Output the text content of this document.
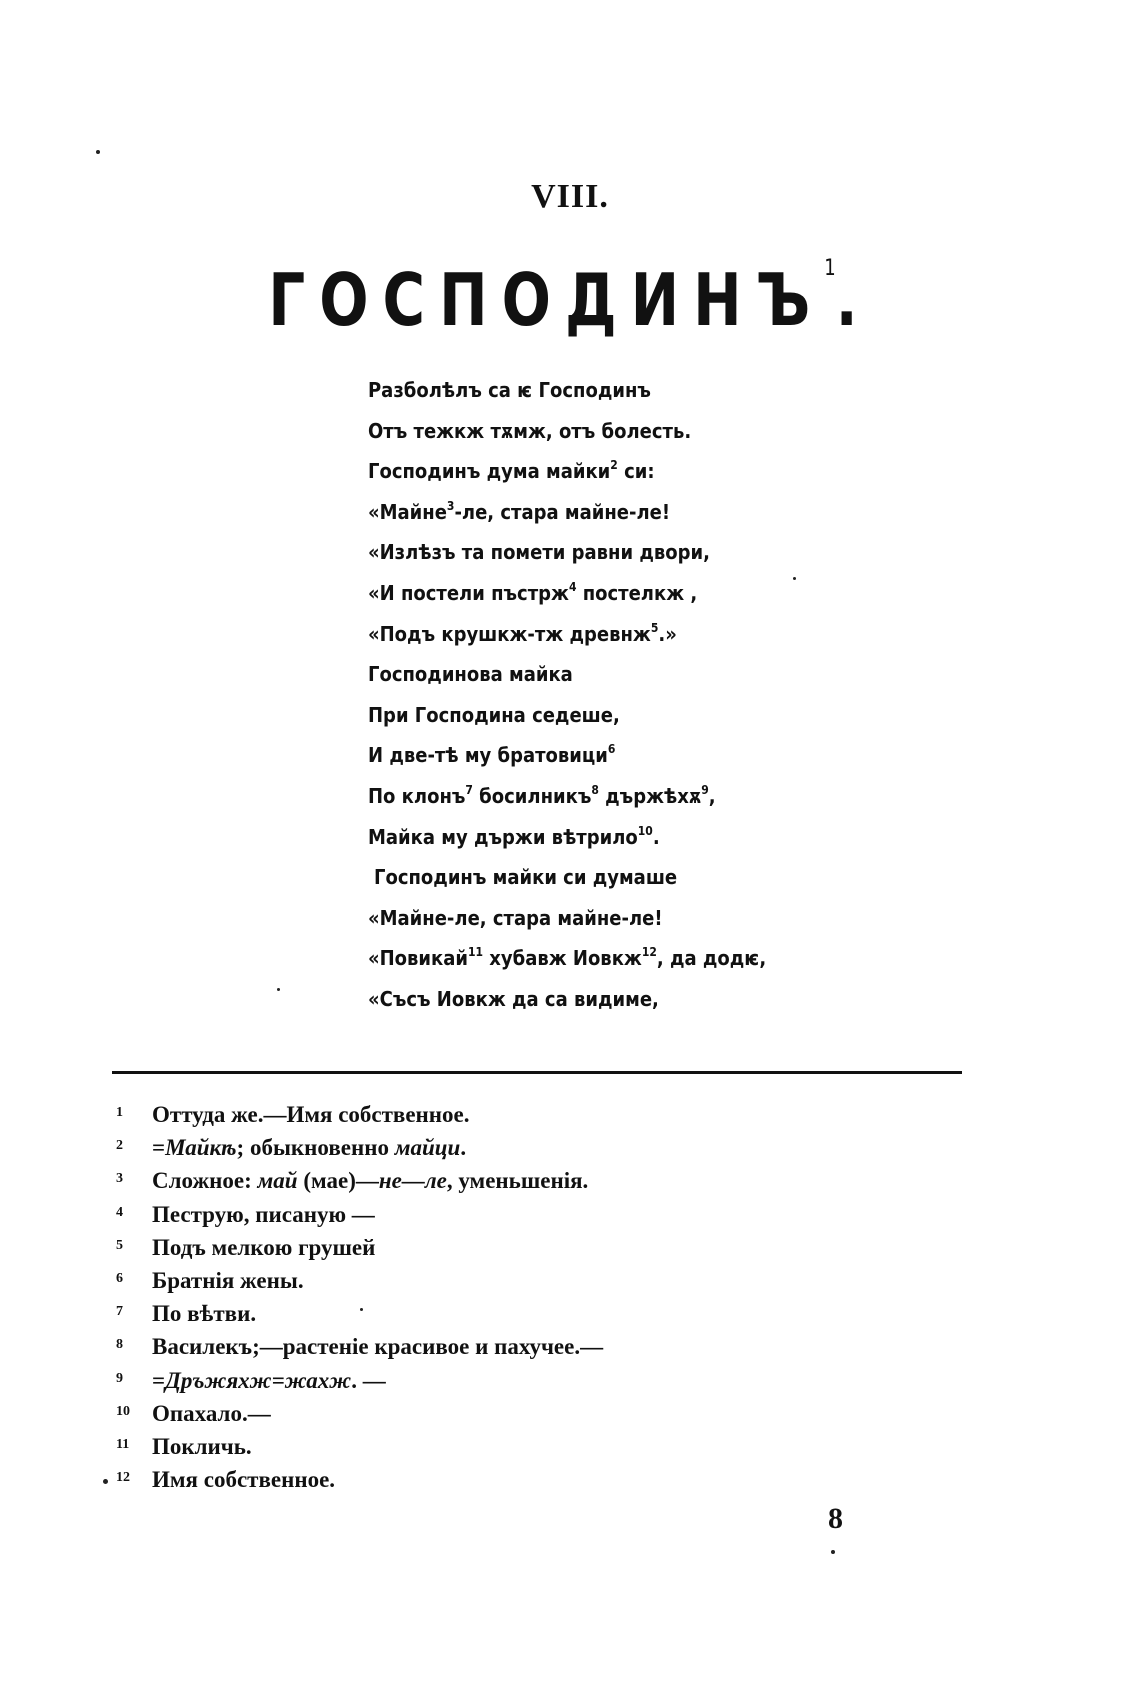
VIII.
ГОСПОДИНЪ$^1$.
Разболѣлъ са ѥ Господинъ
Отъ тежкж тѫмж, отъ болесть.
Господинъ дума майки$^2$ си:
«Майне$^3$-ле, стара майне-ле!
«Излѣзъ та помети равни двори,
«И постели пъстрж$^4$ постелкж ,
«Подъ крушкж-тж древнж$^5$.»
Господинова майка
При Господина седеше,
И две-тѣ му братовици$^6$
По клонъ$^7$ босилникъ$^8$ държѣхѫ$^9$,
Майка му държи вѣтрило$^{10}$.
Господинъ майки си думаше
«Майне-ле, стара майне-ле!
«Повикай$^{11}$ хубавж Иовкж$^{12}$, да додѥ,
«Съсъ Иовкж да са видиме,
1 Оттуда же.—Имя собственное.
2 =Майкѣ; обыкновенно майци.
3 Сложное: май (мае)—не—ле, уменьшенія.
4 Пеструю, писаную —
5 Подъ мелкою грушей
6 Братнія жены.
7 По вѣтви.
8 Василекъ;—растеніе красивое и пахучее.—
9 =Дръжяхж=жахж. —
10 Опахало.—
11 Покличь.
12 Имя собственное.
8
